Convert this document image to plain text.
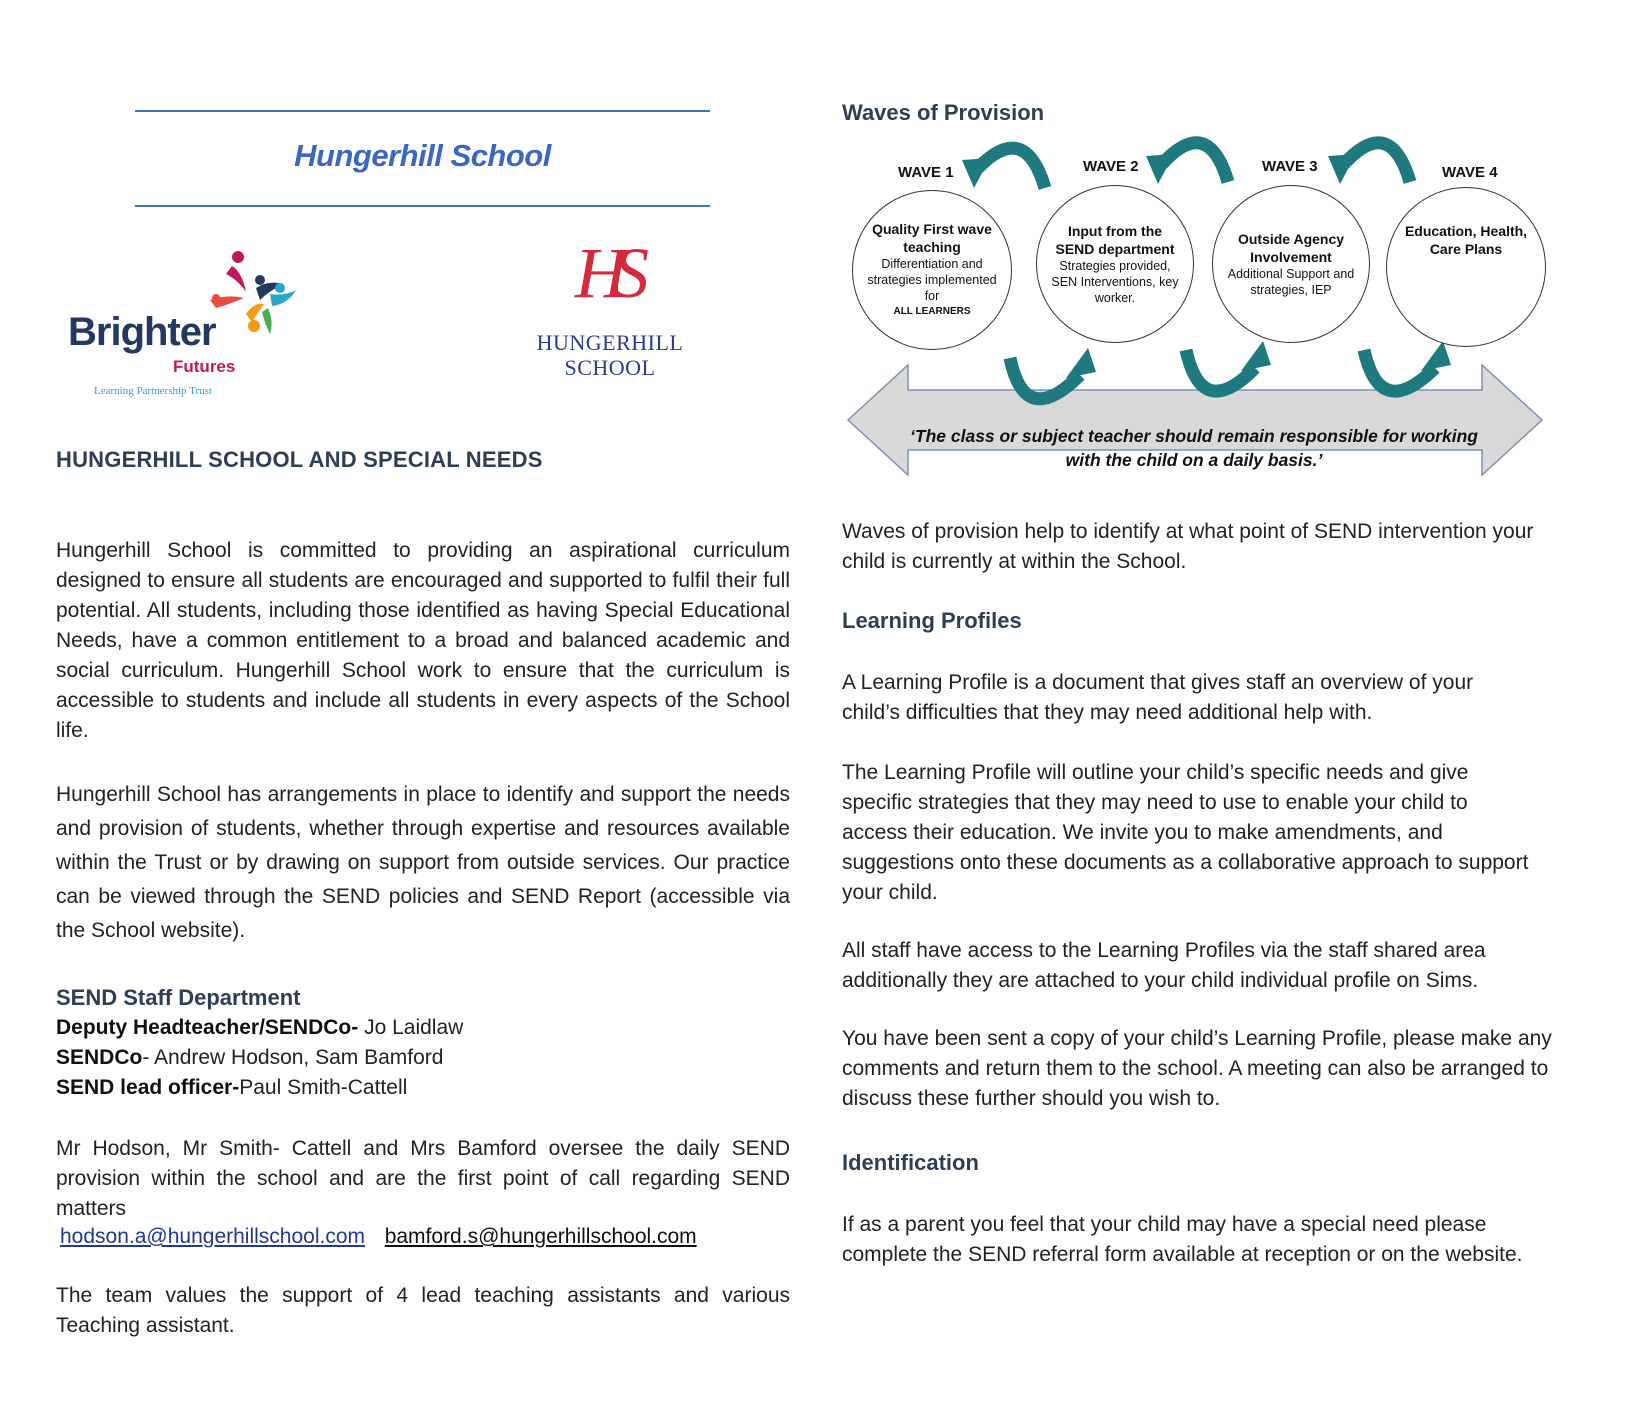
Hungerhill School
Brighter
Futures
Learning Partnership Trust
HS
HUNGERHILL
SCHOOL
HUNGERHILL SCHOOL AND SPECIAL NEEDS
Hungerhill School is committed to providing an aspirational curriculum designed to ensure all students are encouraged and supported to fulfil their full potential. All students, including those identified as having Special Educational Needs, have a common entitlement to a broad and balanced academic and social curriculum. Hungerhill School work to ensure that the curriculum is accessible to students and include all students in every aspects of the School life.
Hungerhill School has arrangements in place to identify and support the needs and provision of students, whether through expertise and resources available within the Trust or by drawing on support from outside services. Our practice can be viewed through the SEND policies and SEND Report (accessible via the School website).
SEND Staff Department
Deputy Headteacher/SENDCo- Jo Laidlaw
SENDCo- Andrew Hodson, Sam Bamford
SEND lead officer-Paul Smith-Cattell
Mr Hodson, Mr Smith- Cattell and Mrs Bamford oversee the daily SEND provision within the school and are the first point of call regarding SEND matters
hodson.a@hungerhillschool.com bamford.s@hungerhillschool.com
The team values the support of 4 lead teaching assistants and various Teaching assistant.
Waves of Provision
WAVE 1	WAVE 2	WAVE 3	WAVE 4
Quality First wave teaching
Differentiation and strategies implemented for
ALL LEARNERS
Input from the SEND department
Strategies provided, SEN Interventions, key worker.
Outside Agency Involvement
Additional Support and strategies, IEP
Education, Health, Care Plans
‘The class or subject teacher should remain responsible for working with the child on a daily basis.’
Waves of provision help to identify at what point of SEND intervention your child is currently at within the School.
Learning Profiles
A Learning Profile is a document that gives staff an overview of your child’s difficulties that they may need additional help with.
The Learning Profile will outline your child’s specific needs and give specific strategies that they may need to use to enable your child to access their education. We invite you to make amendments, and suggestions onto these documents as a collaborative approach to support your child.
All staff have access to the Learning Profiles via the staff shared area additionally they are attached to your child individual profile on Sims.
You have been sent a copy of your child’s Learning Profile, please make any comments and return them to the school. A meeting can also be arranged to discuss these further should you wish to.
Identification
If as a parent you feel that your child may have a special need please complete the SEND referral form available at reception or on the website.
